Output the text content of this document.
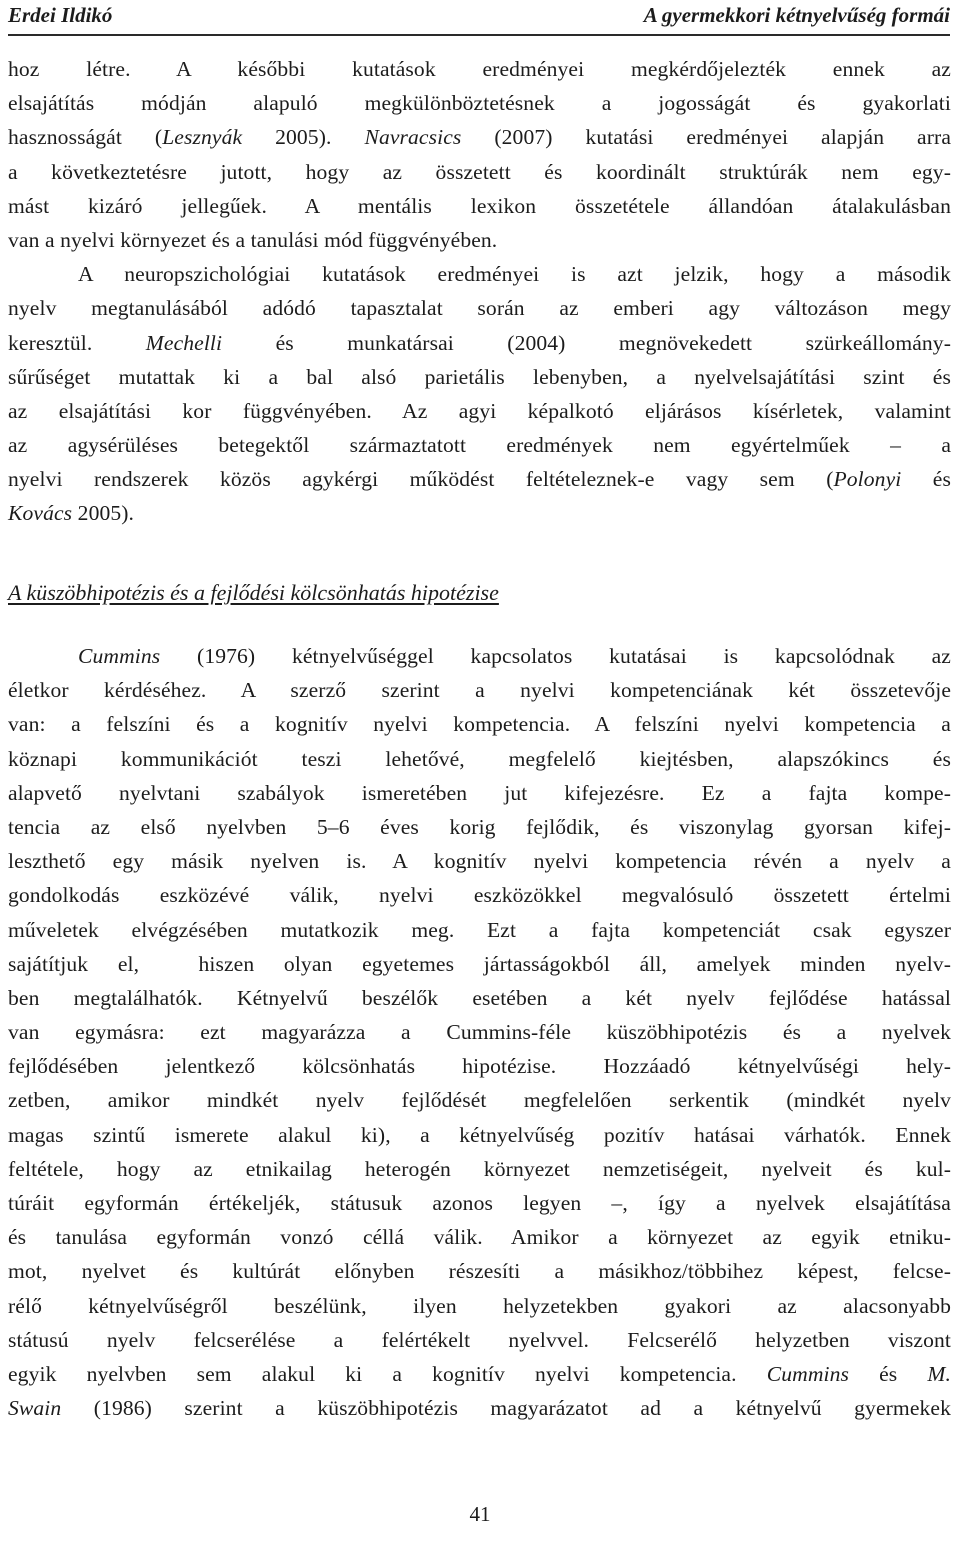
Erdei Ildikó	A gyermekkori kétnyelvűség formái
hoz létre. A későbbi kutatások eredményei megkérdőjelezték ennek az
elsajátítás módján alapuló megkülönböztetésnek a jogosságát és gyakorlati
hasznosságát (Lesznyák 2005). Navracsics (2007) kutatási eredményei alapján arra
a következtetésre jutott, hogy az összetett és koordinált struktúrák nem egy-
mást kizáró jellegűek. A mentális lexikon összetétele állandóan átalakulásban
van a nyelvi környezet és a tanulási mód függvényében.
A neuropszichológiai kutatások eredményei is azt jelzik, hogy a második
nyelv megtanulásából adódó tapasztalat során az emberi agy változáson megy
keresztül. Mechelli és munkatársai (2004) megnövekedett szürkeállomány-
sűrűséget mutattak ki a bal alsó parietális lebenyben, a nyelvelsajátítási szint és
az elsajátítási kor függvényében. Az agyi képalkotó eljárásos kísérletek, valamint
az agysérüléses betegektől származtatott eredmények nem egyértelműek – a
nyelvi rendszerek közös agykérgi működést feltételeznek-e vagy sem (Polonyi és
Kovács 2005).
A küszöbhipotézis és a fejlődési kölcsönhatás hipotézise
Cummins (1976) kétnyelvűséggel kapcsolatos kutatásai is kapcsolódnak az
életkor kérdéséhez. A szerző szerint a nyelvi kompetenciának két összetevője
van: a felszíni és a kognitív nyelvi kompetencia. A felszíni nyelvi kompetencia a
köznapi kommunikációt teszi lehetővé, megfelelő kiejtésben, alapszókincs és
alapvető nyelvtani szabályok ismeretében jut kifejezésre. Ez a fajta kompe-
tencia az első nyelvben 5–6 éves korig fejlődik, és viszonylag gyorsan kifej-
leszthető egy másik nyelven is. A kognitív nyelvi kompetencia révén a nyelv a
gondolkodás eszközévé válik, nyelvi eszközökkel megvalósuló összetett értelmi
műveletek elvégzésében mutatkozik meg. Ezt a fajta kompetenciát csak egyszer
sajátítjuk el,  hiszen olyan egyetemes jártasságokból áll, amelyek minden nyelv-
ben megtalálhatók. Kétnyelvű beszélők esetében a két nyelv fejlődése hatással
van egymásra: ezt magyarázza a Cummins-féle küszöbhipotézis és a nyelvek
fejlődésében jelentkező kölcsönhatás hipotézise. Hozzáadó kétnyelvűségi hely-
zetben, amikor mindkét nyelv fejlődését megfelelően serkentik (mindkét nyelv
magas szintű ismerete alakul ki), a kétnyelvűség pozitív hatásai várhatók. Ennek
feltétele, hogy az etnikailag heterogén környezet nemzetiségeit, nyelveit és kul-
túráit egyformán értékeljék, státusuk azonos legyen –, így a nyelvek elsajátítása
és tanulása egyformán vonzó céllá válik. Amikor a környezet az egyik etniku-
mot, nyelvet és kultúrát előnyben részesíti a másikhoz/többihez képest, felcse-
rélő kétnyelvűségről beszélünk, ilyen helyzetekben gyakori az alacsonyabb
státusú nyelv felcserélése a felértékelt nyelvvel. Felcserélő helyzetben viszont
egyik nyelvben sem alakul ki a kognitív nyelvi kompetencia. Cummins és M.
Swain (1986) szerint a küszöbhipotézis magyarázatot ad a kétnyelvű gyermekek
41
